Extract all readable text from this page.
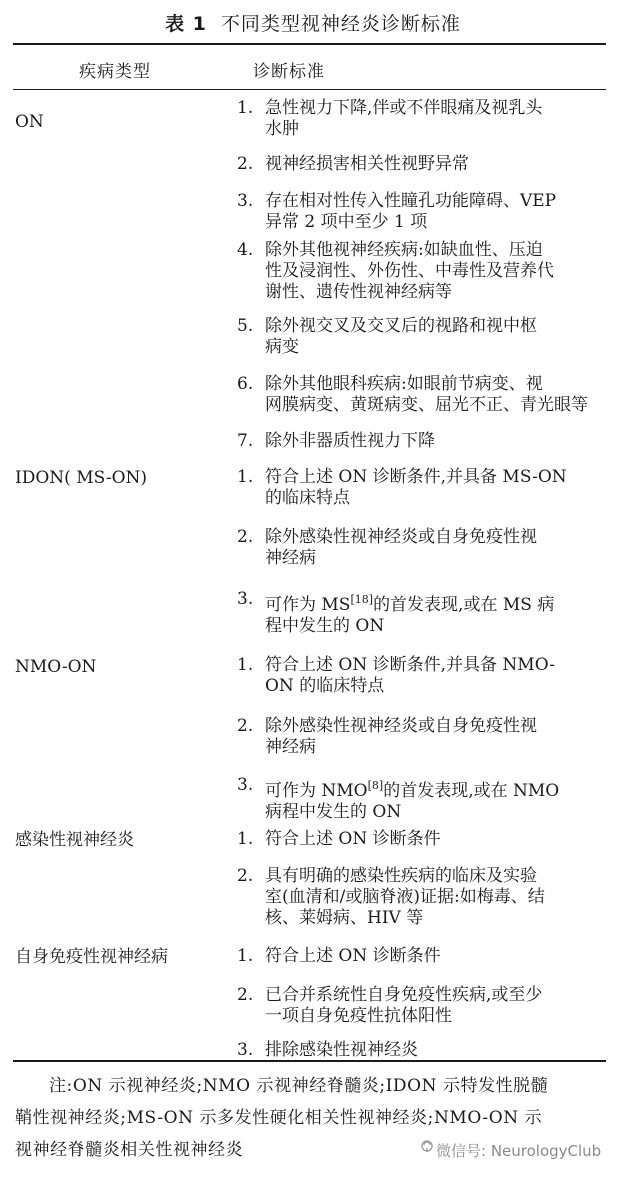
表 1 不同类型视神经炎诊断标准
疾病类型	诊断标准
ON
1. 急性视力下降,伴或不伴眼痛及视乳头
水肿
2. 视神经损害相关性视野异常
3. 存在相对性传入性瞳孔功能障碍、VEP
异常 2 项中至少 1 项
4. 除外其他视神经疾病:如缺血性、压迫
性及浸润性、外伤性、中毒性及营养代
谢性、遗传性视神经病等
5. 除外视交叉及交叉后的视路和视中枢
病变
6. 除外其他眼科疾病:如眼前节病变、视
网膜病变、黄斑病变、屈光不正、青光眼等
7. 除外非器质性视力下降
IDON( MS-ON)	1. 符合上述 ON 诊断条件,并具备 MS-ON
的临床特点
2. 除外感染性视神经炎或自身免疫性视
神经病
3. 可作为 MS[18]的首发表现,或在 MS 病
程中发生的 ON
NMO-ON	1. 符合上述 ON 诊断条件,并具备 NMO-
ON 的临床特点
2. 除外感染性视神经炎或自身免疫性视
神经病
3. 可作为 NMO[8]的首发表现,或在 NMO
病程中发生的 ON
感染性视神经炎	1. 符合上述 ON 诊断条件
2. 具有明确的感染性疾病的临床及实验
室(血清和/或脑脊液)证据:如梅毒、结
核、莱姆病、HIV 等
自身免疫性视神经病	1. 符合上述 ON 诊断条件
2. 已合并系统性自身免疫性疾病,或至少
一项自身免疫性抗体阳性
3. 排除感染性视神经炎
注:ON 示视神经炎;NMO 示视神经脊髓炎;IDON 示特发性脱髓
鞘性视神经炎;MS-ON 示多发性硬化相关性视神经炎;NMO-ON 示
视神经脊髓炎相关性视神经炎	微信号: NeurologyClub
